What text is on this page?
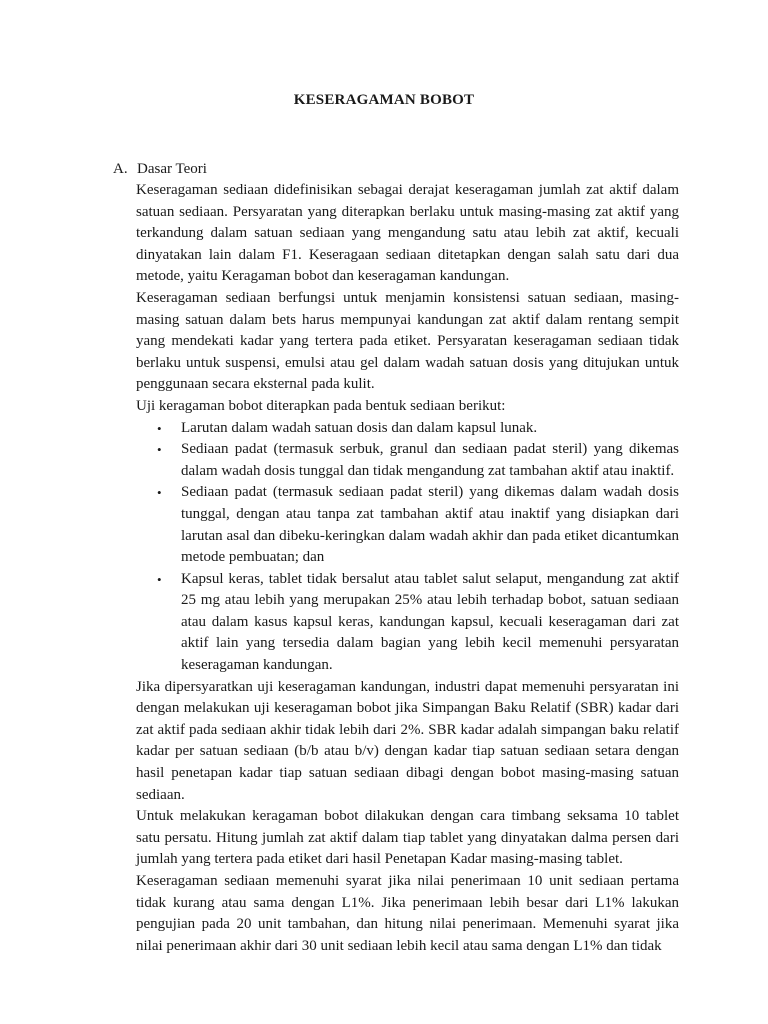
KESERAGAMAN BOBOT
A. Dasar Teori

Keseragaman sediaan didefinisikan sebagai derajat keseragaman jumlah zat aktif dalam satuan sediaan. Persyaratan yang diterapkan berlaku untuk masing-masing zat aktif yang terkandung dalam satuan sediaan yang mengandung satu atau lebih zat aktif, kecuali dinyatakan lain dalam F1. Keseragaan sediaan ditetapkan dengan salah satu dari dua metode, yaitu Keragaman bobot dan keseragaman kandungan.

Keseragaman sediaan berfungsi untuk menjamin konsistensi satuan sediaan, masing-masing satuan dalam bets harus mempunyai kandungan zat aktif dalam rentang sempit yang mendekati kadar yang tertera pada etiket. Persyaratan keseragaman sediaan tidak berlaku untuk suspensi, emulsi atau gel dalam wadah satuan dosis yang ditujukan untuk penggunaan secara eksternal pada kulit.

Uji keragaman bobot diterapkan pada bentuk sediaan berikut:

• Larutan dalam wadah satuan dosis dan dalam kapsul lunak.
• Sediaan padat (termasuk serbuk, granul dan sediaan padat steril) yang dikemas dalam wadah dosis tunggal dan tidak mengandung zat tambahan aktif atau inaktif.
• Sediaan padat (termasuk sediaan padat steril) yang dikemas dalam wadah dosis tunggal, dengan atau tanpa zat tambahan aktif atau inaktif yang disiapkan dari larutan asal dan dibeku-keringkan dalam wadah akhir dan pada etiket dicantumkan metode pembuatan; dan
• Kapsul keras, tablet tidak bersalut atau tablet salut selaput, mengandung zat aktif 25 mg atau lebih yang merupakan 25% atau lebih terhadap bobot, satuan sediaan atau dalam kasus kapsul keras, kandungan kapsul, kecuali keseragaman dari zat aktif lain yang tersedia dalam bagian yang lebih kecil memenuhi persyaratan keseragaman kandungan.

Jika dipersyaratkan uji keseragaman kandungan, industri dapat memenuhi persyaratan ini dengan melakukan uji keseragaman bobot jika Simpangan Baku Relatif (SBR) kadar dari zat aktif pada sediaan akhir tidak lebih dari 2%. SBR kadar adalah simpangan baku relatif kadar per satuan sediaan (b/b atau b/v) dengan kadar tiap satuan sediaan setara dengan hasil penetapan kadar tiap satuan sediaan dibagi dengan bobot masing-masing satuan sediaan.

Untuk melakukan keragaman bobot dilakukan dengan cara timbang seksama 10 tablet satu persatu. Hitung jumlah zat aktif dalam tiap tablet yang dinyatakan dalma persen dari jumlah yang tertera pada etiket dari hasil Penetapan Kadar masing-masing tablet.

Keseragaman sediaan memenuhi syarat jika nilai penerimaan 10 unit sediaan pertama tidak kurang atau sama dengan L1%. Jika penerimaan lebih besar dari L1% lakukan pengujian pada 20 unit tambahan, dan hitung nilai penerimaan. Memenuhi syarat jika nilai penerimaan akhir dari 30 unit sediaan lebih kecil atau sama dengan L1% dan tidak
